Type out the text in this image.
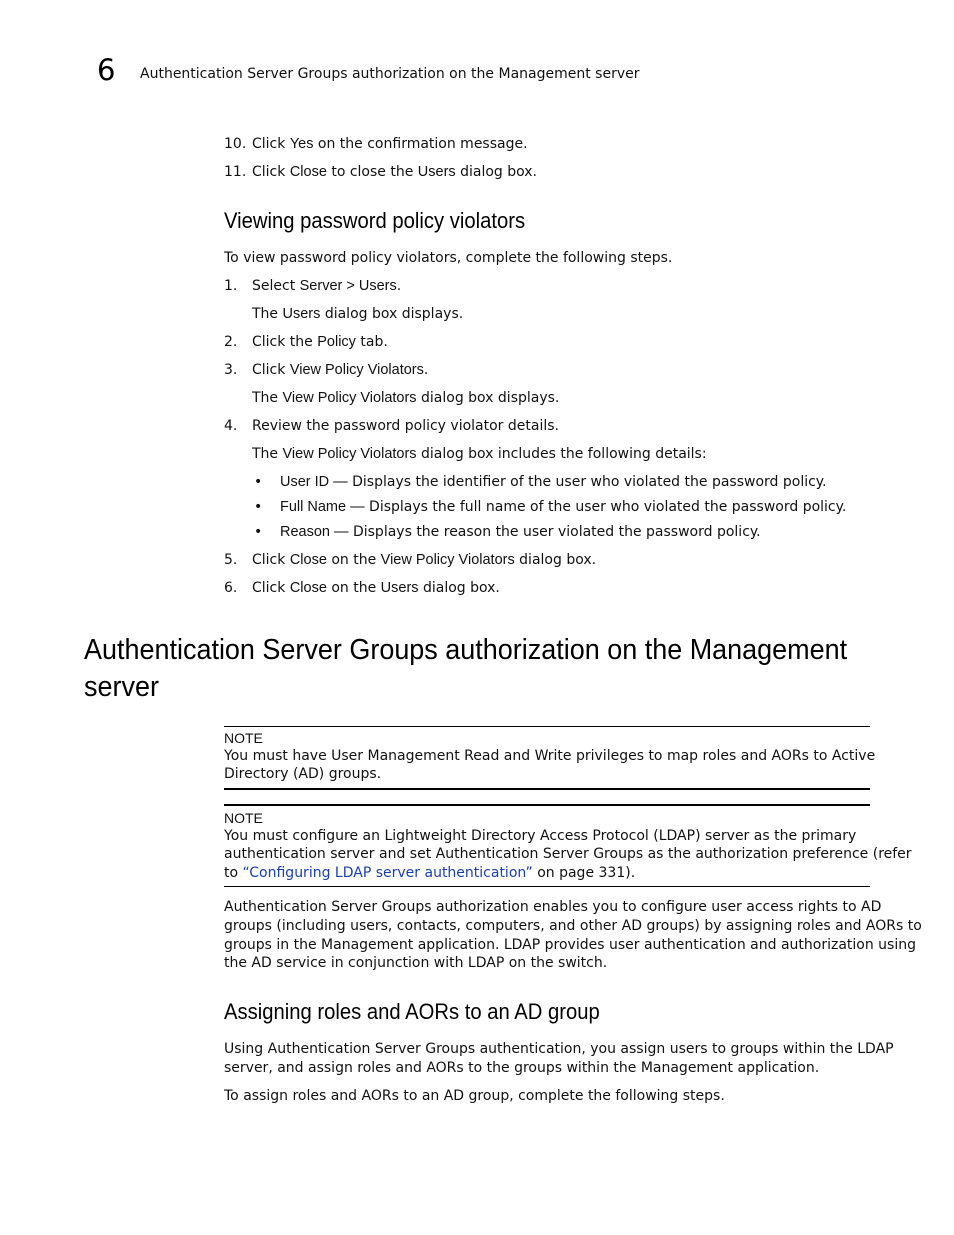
6 Authentication Server Groups authorization on the Management server
10. Click Yes on the confirmation message.
11. Click Close to close the Users dialog box.
Viewing password policy violators
To view password policy violators, complete the following steps.
1. Select Server > Users.
The Users dialog box displays.
2. Click the Policy tab.
3. Click View Policy Violators.
The View Policy Violators dialog box displays.
4. Review the password policy violator details.
The View Policy Violators dialog box includes the following details:
• User ID — Displays the identifier of the user who violated the password policy.
• Full Name — Displays the full name of the user who violated the password policy.
• Reason — Displays the reason the user violated the password policy.
5. Click Close on the View Policy Violators dialog box.
6. Click Close on the Users dialog box.
Authentication Server Groups authorization on the Management
server
NOTE
You must have User Management Read and Write privileges to map roles and AORs to Active
Directory (AD) groups.
NOTE
You must configure an Lightweight Directory Access Protocol (LDAP) server as the primary
authentication server and set Authentication Server Groups as the authorization preference (refer
to “Configuring LDAP server authentication” on page 331).
Authentication Server Groups authorization enables you to configure user access rights to AD
groups (including users, contacts, computers, and other AD groups) by assigning roles and AORs to
groups in the Management application. LDAP provides user authentication and authorization using
the AD service in conjunction with LDAP on the switch.
Assigning roles and AORs to an AD group
Using Authentication Server Groups authentication, you assign users to groups within the LDAP
server, and assign roles and AORs to the groups within the Management application.
To assign roles and AORs to an AD group, complete the following steps.
